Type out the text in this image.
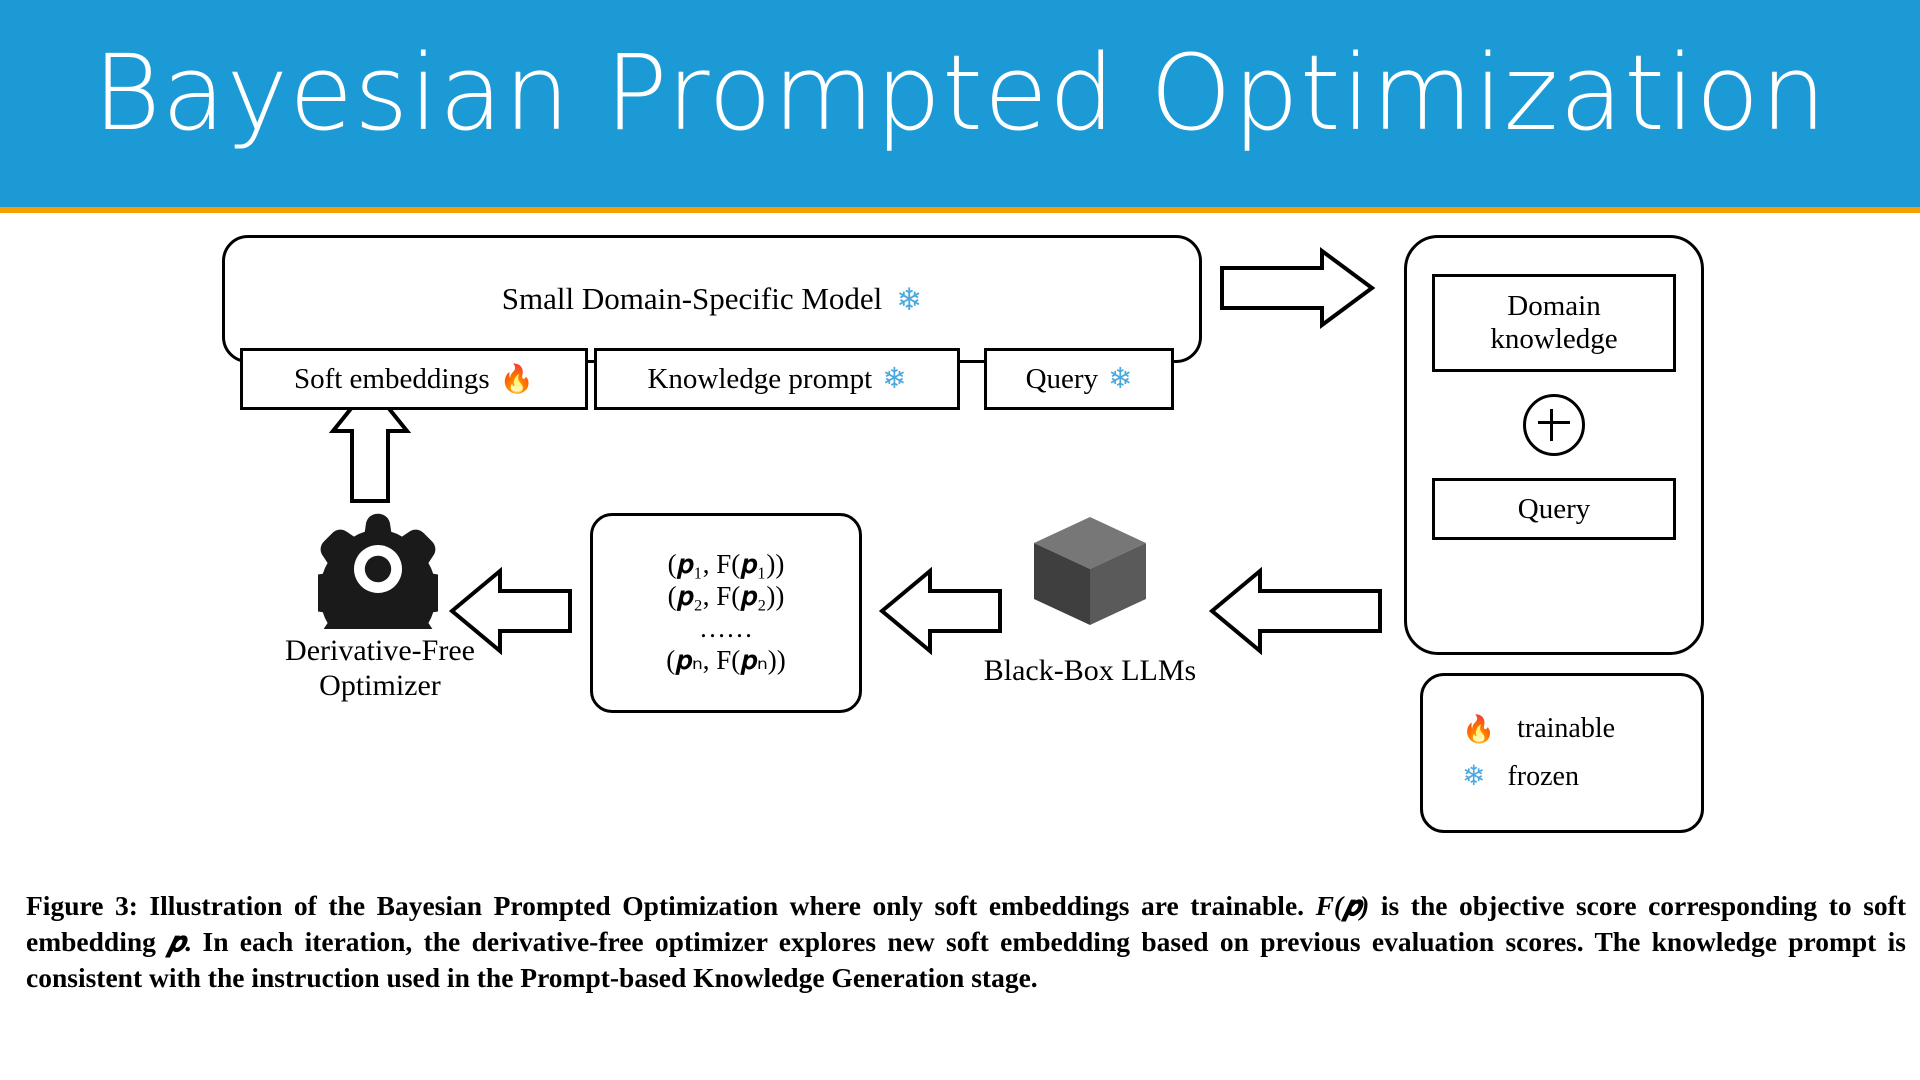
Bayesian Prompted Optimization
Small Domain-Specific Model ❄
Soft embeddings 🔥	Knowledge prompt ❄	Query ❄
(𝒑₁, F(𝒑₁))
(𝒑₂, F(𝒑₂))
……
(𝒑ₙ, F(𝒑ₙ))
Derivative-Free
Optimizer	Black-Box LLMs
Domain
knowledge
Query
🔥 trainable
❄ frozen
Figure 3: Illustration of the Bayesian Prompted Optimization where only soft embeddings are trainable. F(𝒑) is the objective score corresponding to soft embedding 𝒑. In each iteration, the derivative-free optimizer explores new soft embedding based on previous evaluation scores. The knowledge prompt is consistent with the instruction used in the Prompt-based Knowledge Generation stage.
